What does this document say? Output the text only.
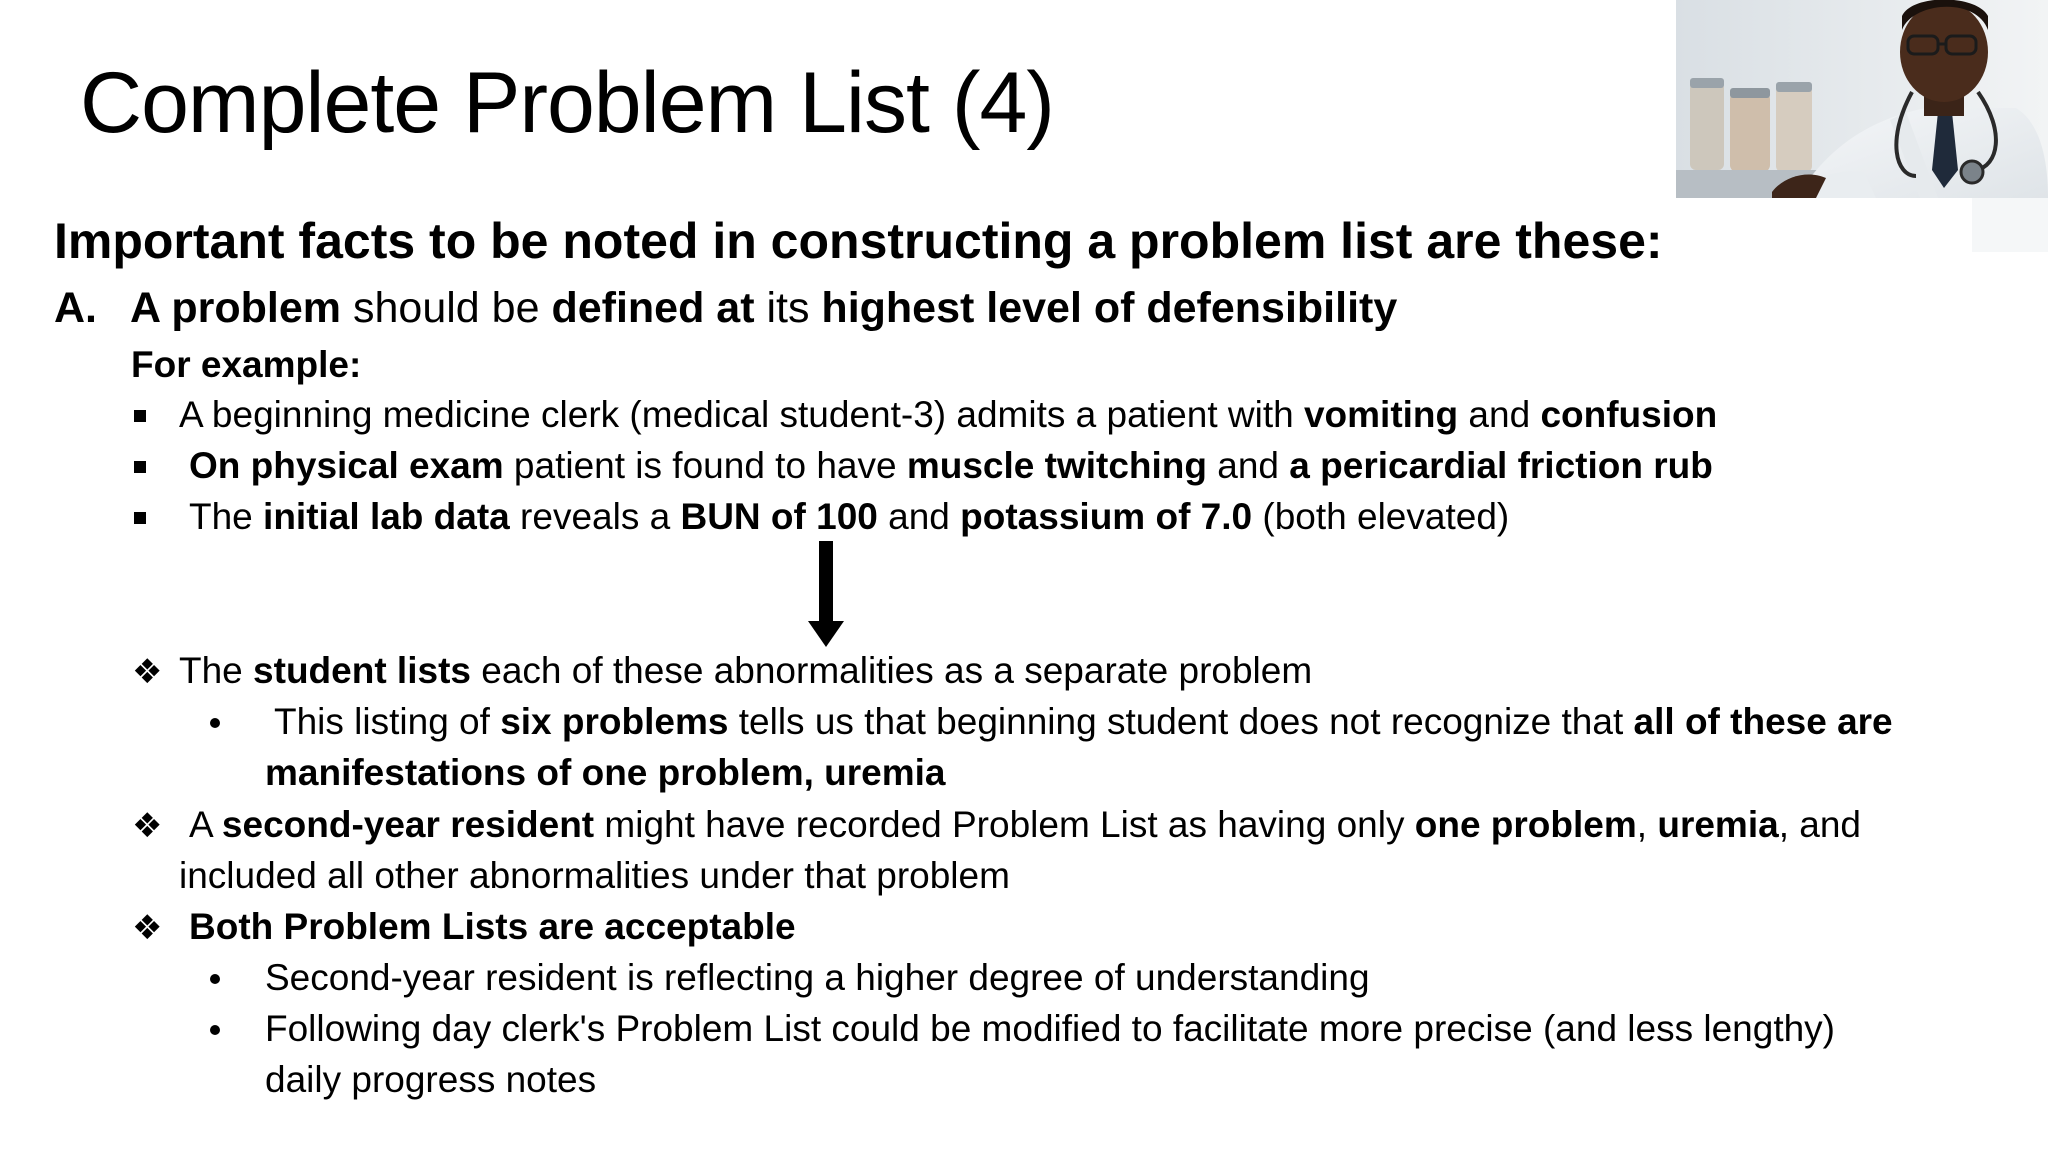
Complete Problem List (4)
Important facts to be noted in constructing a problem list are these:
A. A problem should be defined at its highest level of defensibility
For example:
A beginning medicine clerk (medical student-3) admits a patient with vomiting and confusion
On physical exam patient is found to have muscle twitching and a pericardial friction rub
The initial lab data reveals a BUN of 100 and potassium of 7.0 (both elevated)
❖ The student lists each of these abnormalities as a separate problem
This listing of six problems tells us that beginning student does not recognize that all of these are
manifestations of one problem, uremia
❖ A second-year resident might have recorded Problem List as having only one problem, uremia, and
included all other abnormalities under that problem
❖ Both Problem Lists are acceptable
Second-year resident is reflecting a higher degree of understanding
Following day clerk's Problem List could be modified to facilitate more precise (and less lengthy)
daily progress notes
